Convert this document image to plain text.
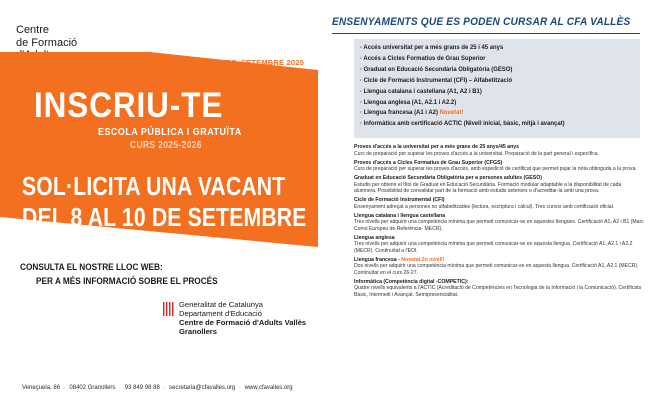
Centre
de Formació
GRANOLLERS, SETEMBRE 2025
INSCRIU-TE
ESCOLA PÚBLICA I GRATUÏTA
CURS 2025-2026
SOL·LICITA UNA VACANT
DEL 8 AL 10 DE SETEMBRE
CONSULTA EL NOSTRE LLOC WEB: WWW.CFAVALLES.ORG
PER A MÉS INFORMACIÓ SOBRE EL PROCÉS
Generalitat de Catalunya
Departament d'Educació
Centre de Formació d'Adults Vallès
Granollers
Veneçuela, 86 · 08402 Granollers · 93 849 98 88 · secretaria@cfavalles.org · www.cfavalles.org
ENSENYAMENTS QUE ES PODEN CURSAR AL CFA VALLÈS
· Accés universitat per a més grans de 25 i 45 anys
· Accés a Cicles Formatius de Grau Superior
· Graduat en Educació Secundària Obligatòria (GESO)
· Cicle de Formació Instrumental (CFI) – Alfabetització
· Llengua catalana i castellana (A1, A2 i B1)
· Llengua anglesa (A1, A2.1 i A2.2)
· Llengua francesa (A1 i A2) Novetat!
· Informàtica amb certificació ACTIC (Nivell inicial, bàsic, mitjà i avançat)
Proves d'accés a la universitat per a més grans de 25 anys/45 anys
Curs de preparació per superar les proves d'accés a la universitat. Preparació de la part general i específica.
Proves d'accés a Cicles Formatius de Grau Superior (CFGS)
Curs de preparació per superar les proves d'accés, amb expedició de certificat que permet pujar la nota obtinguda a la prova.
Graduat en Educació Secundària Obligatòria per a persones adultes (GESO)
Estudis per obtenir el títol de Graduat en Educació Secundària. Formació modular adaptable a la disponibilitat de cada alumne/a. Possibilitat de convalidar part de la formació amb estudis anteriors o d'acreditar-la amb una prova.
Cicle de Formació Instrumental (CFI)
Ensenyament adreçat a persones no alfabetitzades (lectura, escriptura i càlcul). Tres cursos amb certificació oficial.
Llengua catalana i llengua castellana
Tres nivells per adquirir una competència mínima que permeti comunicar-se en aquestes llengües. Certificació A1, A2 i B1 (Marc Comú Europeu de Referència- MECR).
Llengua anglesa
Tres nivells per adquirir una competència mínima que permeti comunicar-se en aquesta llengua. Certificació A1, A2.1 i A2.2 (MECR). Continuïtat a l'EOI.
Llengua francesa - Novetat 2n nivell!
Dos nivells per adquirir una competència mínima que permeti comunicar-se en aquesta llengua. Certificació A1, A2.1 (MECR). Continuïtat en el curs 26-27.
Informàtica (Competència digital -COMPETIC):
Quatre nivells equivalents a l'ACTIC (Acreditació de Competències en Tecnologia de la Informació i la Comunicació). Certificats Bàsic, Intermedi i Avançat. Semipresencialitat.
